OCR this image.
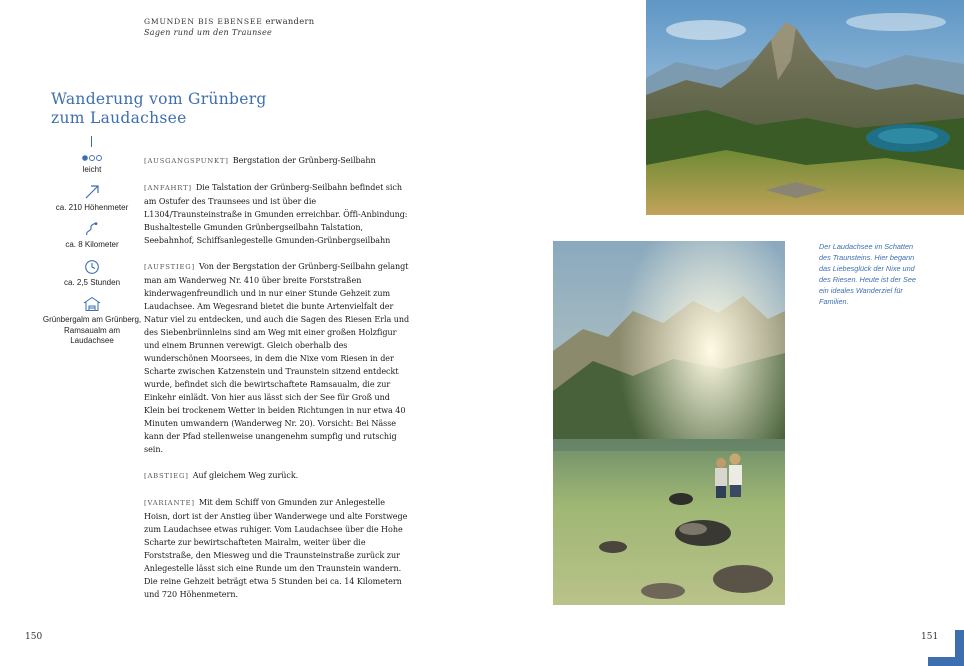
GMUNDEN BIS EBENSEE erwandern
Sagen rund um den Traunsee
Wanderung vom Grünberg
zum Laudachsee
leicht
ca. 210 Höhenmeter
ca. 8 Kilometer
ca. 2,5 Stunden
Grünbergalm am Grünberg, Ramsaualm am Laudachsee

[AUSGANGSPUNKT] Bergstation der Grünberg-Seilbahn

[ANFAHRT] Die Talstation der Grünberg-Seilbahn befindet sich am Ostufer des Traunsees und ist über die L1304/Traunsteinstraße in Gmunden erreichbar. Öffi-Anbindung: Bushaltestelle Gmunden Grünbergseilbahn Talstation, Seebahnhof, Schiffsanlegestelle Gmunden-Grünbergseilbahn

[AUFSTIEG] Von der Bergstation der Grünberg-Seilbahn gelangt man am Wanderweg Nr. 410 über breite Forststraßen kinderwagenfreundlich und in nur einer Stunde Gehzeit zum Laudachsee. Am Wegesrand bietet die bunte Artenvielfalt der Natur viel zu entdecken, und auch die Sagen des Riesen Erla und des Siebenbrünnleins sind am Weg mit einer großen Holzfigur und einem Brunnen verewigt. Gleich oberhalb des wunderschönen Moorsees, in dem die Nixe vom Riesen in der Scharte zwischen Katzenstein und Traunstein sitzend entdeckt wurde, befindet sich die bewirtschaftete Ramsaualm, die zur Einkehr einlädt. Von hier aus lässt sich der See für Groß und Klein bei trockenem Wetter in beiden Richtungen in nur etwa 40 Minuten umwandern (Wanderweg Nr. 20). Vorsicht: Bei Nässe kann der Pfad stellenweise unangenehm sumpfig und rutschig sein.

[ABSTIEG] Auf gleichem Weg zurück.

[VARIANTE] Mit dem Schiff von Gmunden zur Anlegestelle Hoisn, dort ist der Anstieg über Wanderwege und alte Forstwege zum Laudachsee etwas ruhiger. Vom Laudachsee über die Hohe Scharte zur bewirtschafteten Mairalm, weiter über die Forststraße, den Miesweg und die Traunsteinstraße zurück zur Anlegestelle lässt sich eine Runde um den Traunstein wandern. Die reine Gehzeit beträgt etwa 5 Stunden bei ca. 14 Kilometern und 720 Höhenmetern.

150	151
Der Laudachsee im Schatten des Traunsteins. Hier begann das Liebesglück der Nixe und des Riesen. Heute ist der See ein ideales Wanderziel für Familien.
